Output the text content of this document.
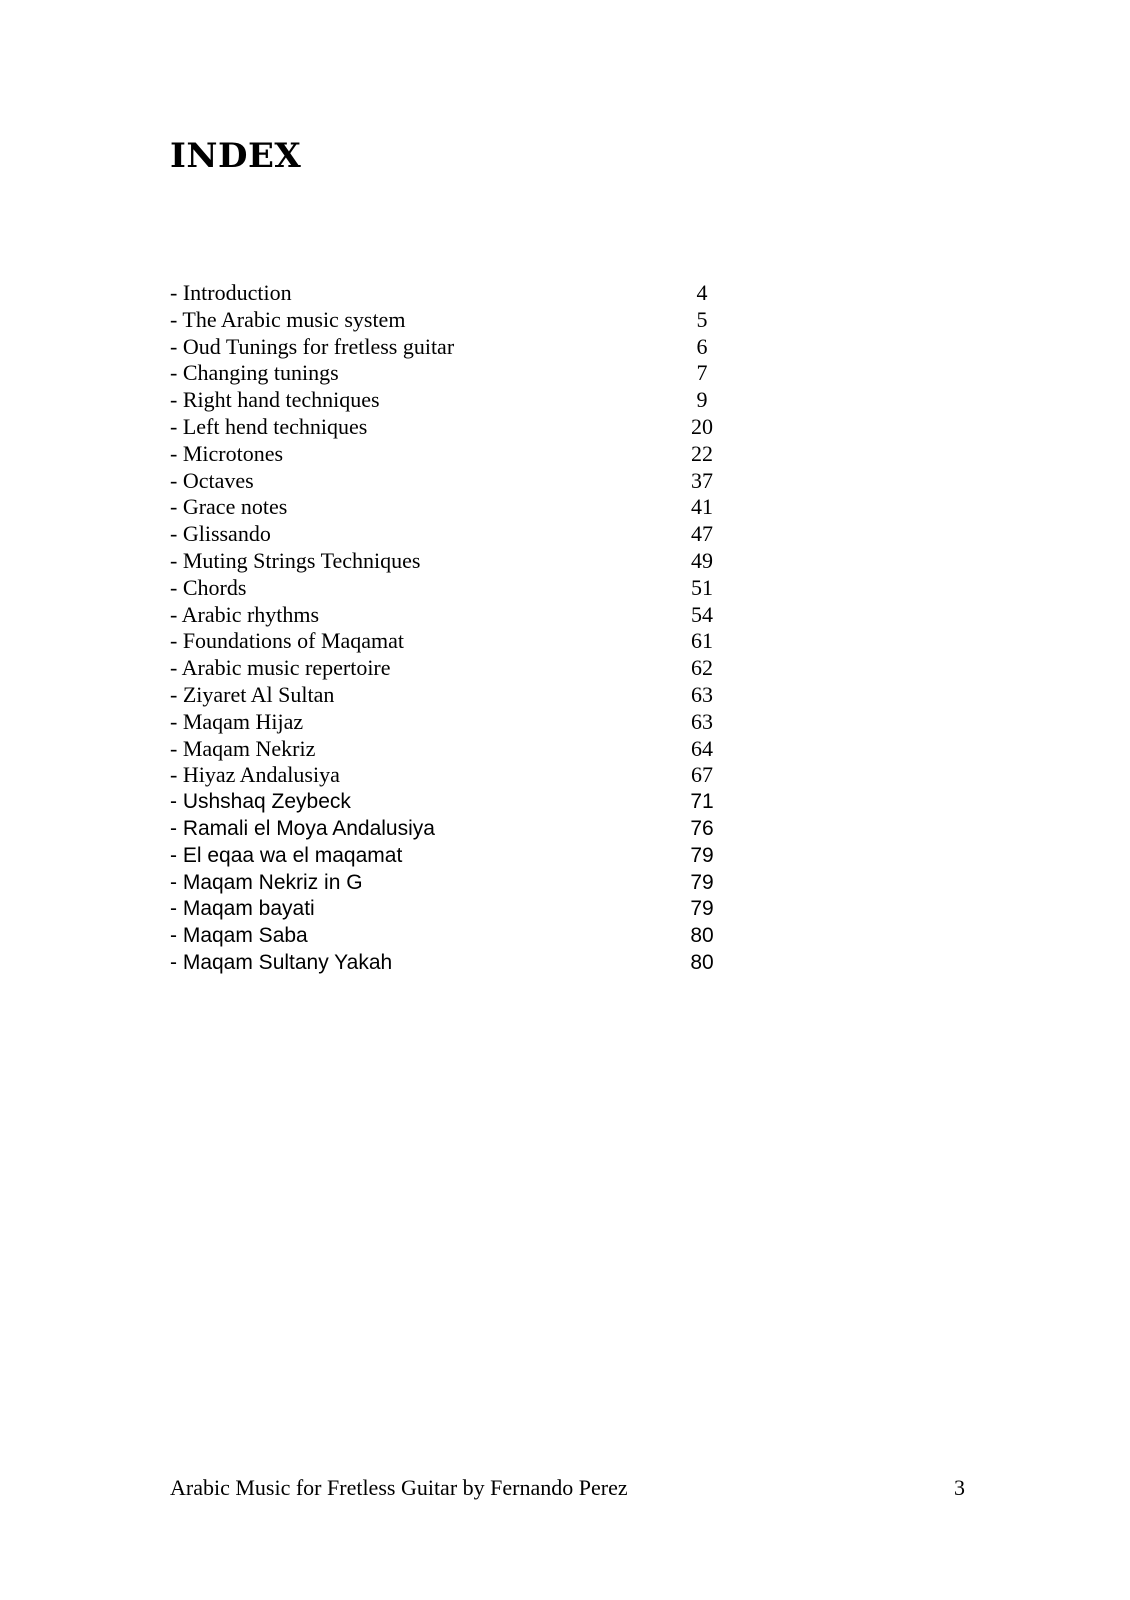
INDEX
- Introduction	4
- The Arabic music system	5
- Oud Tunings for fretless guitar	6
- Changing tunings	7
- Right hand techniques	9
- Left hend techniques	20
- Microtones	22
- Octaves	37
- Grace notes	41
- Glissando	47
- Muting Strings Techniques	49
- Chords	51
- Arabic rhythms	54
- Foundations of Maqamat	61
- Arabic music repertoire	62
- Ziyaret Al Sultan	63
- Maqam Hijaz	63
- Maqam Nekriz	64
- Hiyaz Andalusiya	67
- Ushshaq Zeybeck	71
- Ramali el Moya Andalusiya	76
- El eqaa wa el maqamat	79
- Maqam Nekriz in G	79
- Maqam bayati	79
- Maqam Saba	80
- Maqam Sultany Yakah	80
Arabic Music for Fretless Guitar by Fernando Perez	3
